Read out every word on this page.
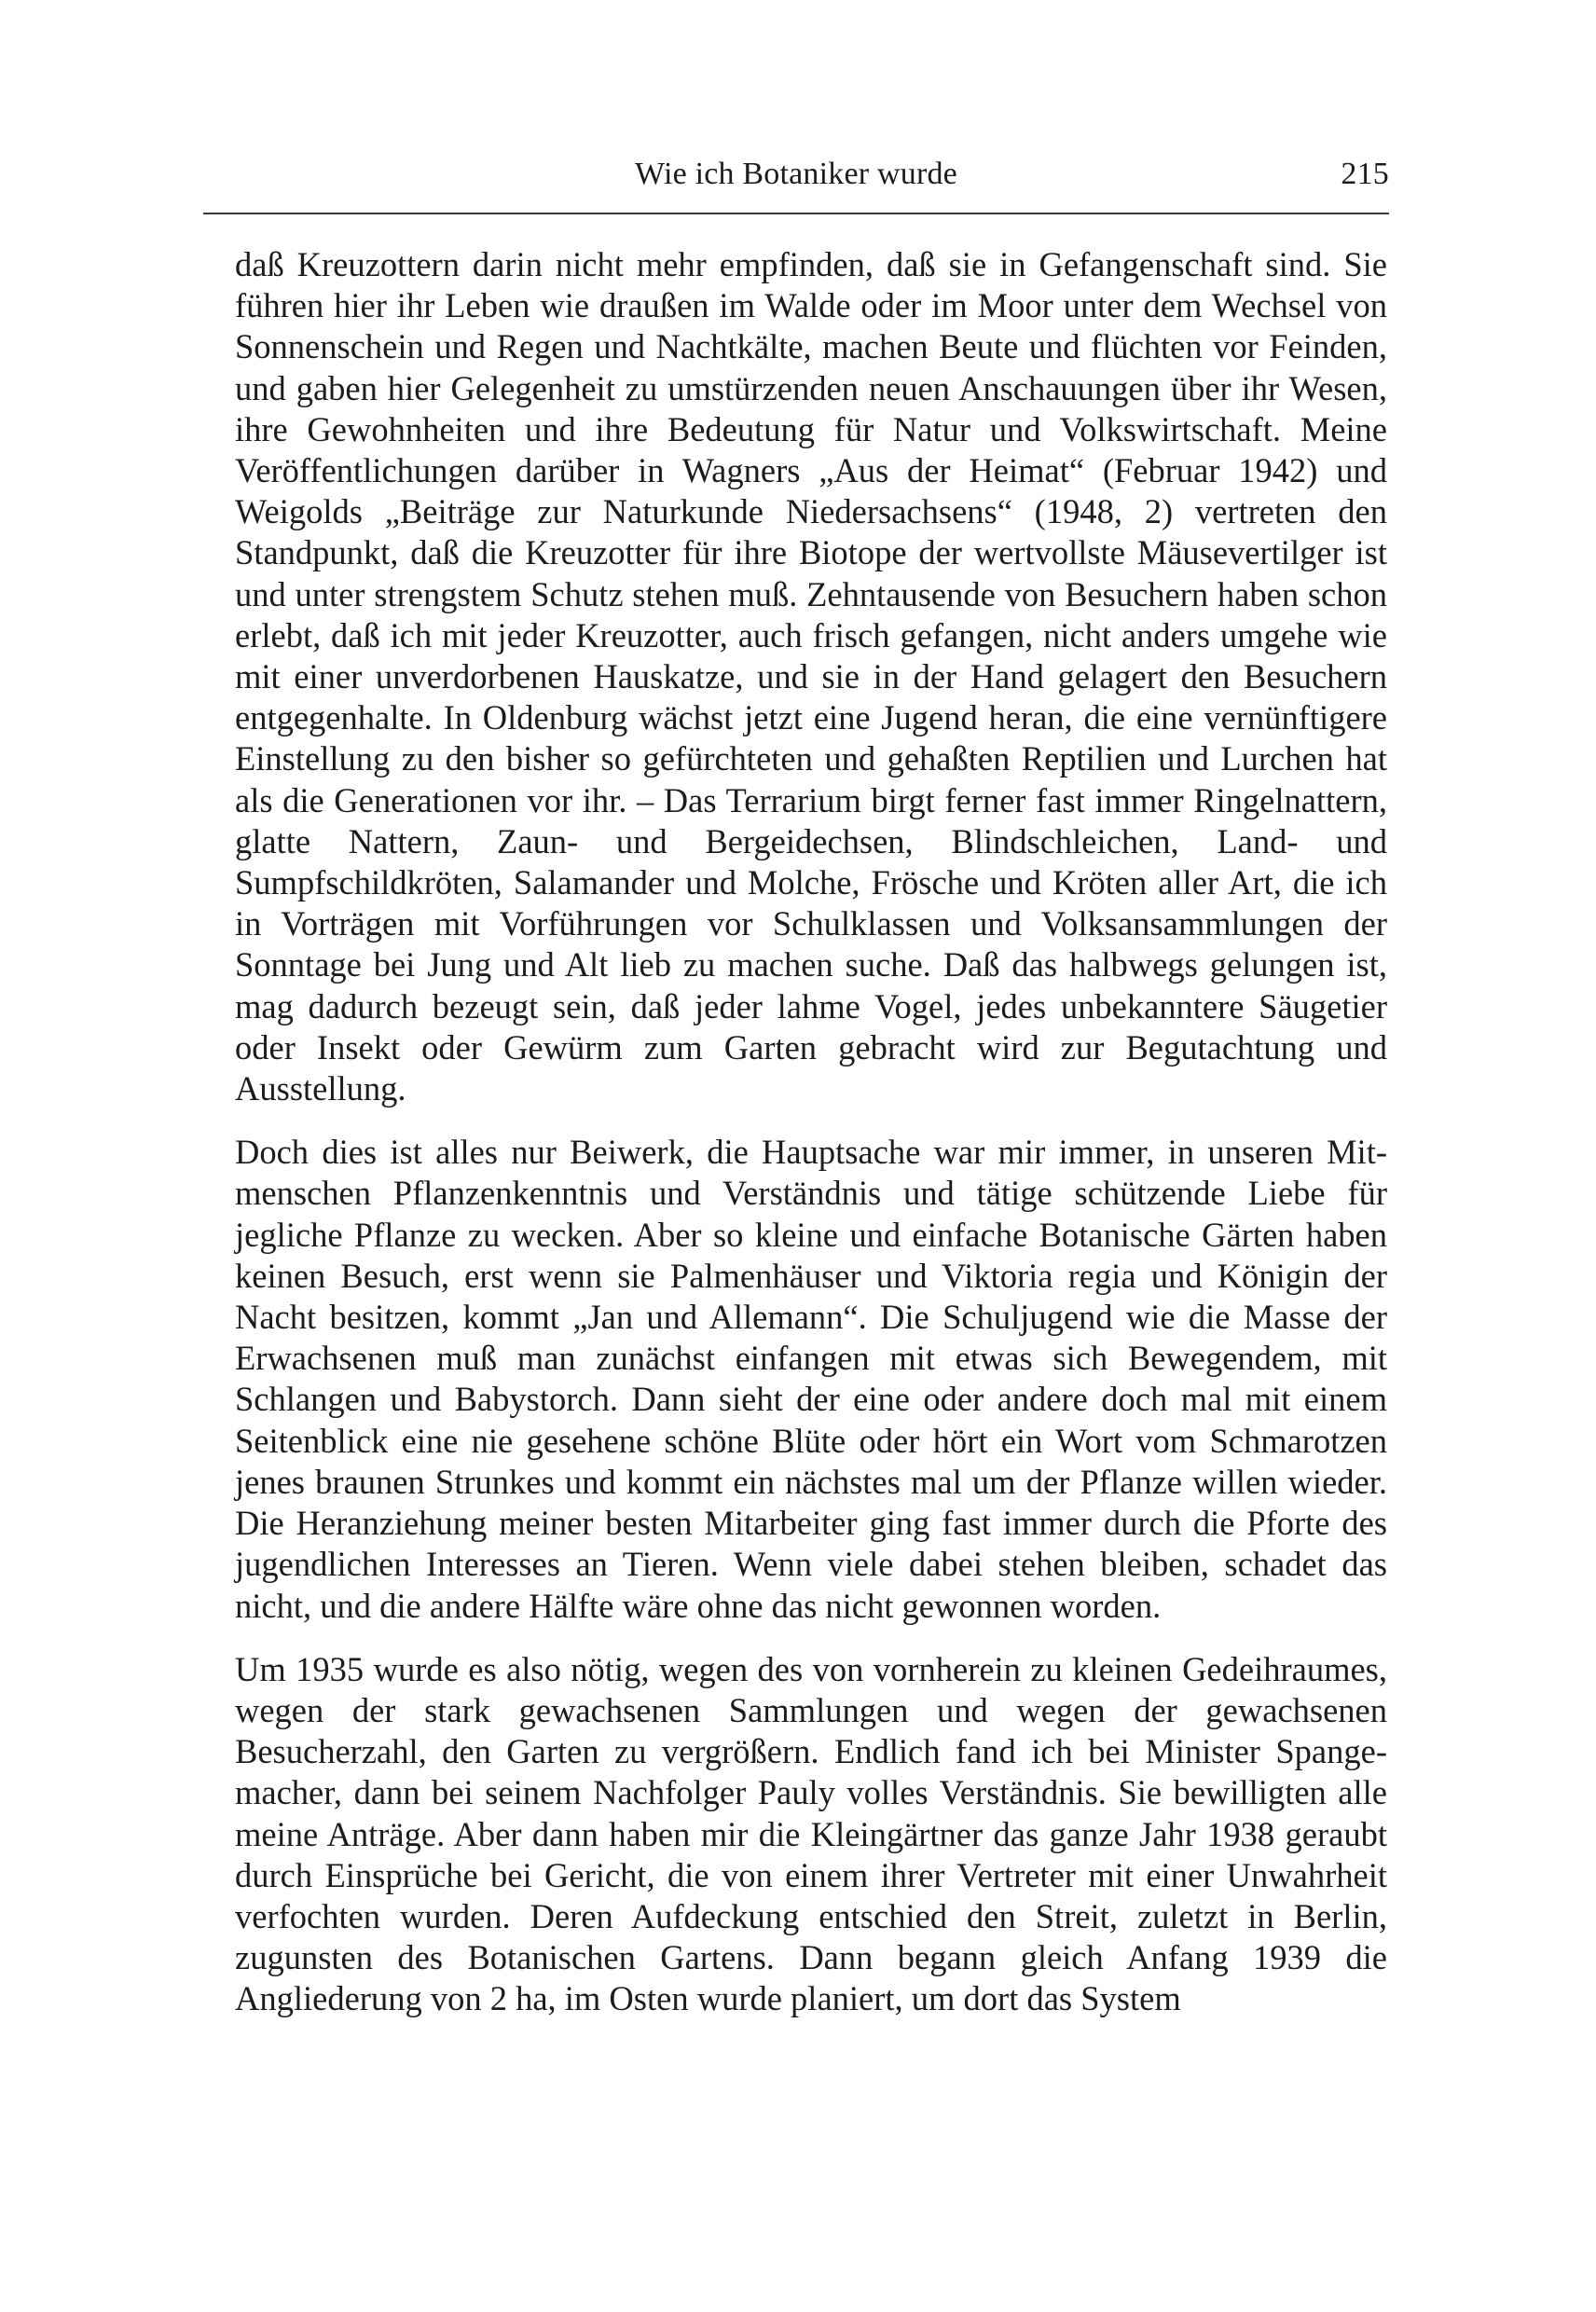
Wie ich Botaniker wurde	215

daß Kreuzottern darin nicht mehr empfinden, daß sie in Gefangenschaft sind. Sie führen hier ihr Leben wie draußen im Walde oder im Moor unter dem Wechsel von Sonnenschein und Regen und Nachtkälte, machen Beute und flüchten vor Feinden, und gaben hier Gelegenheit zu umstürzenden neuen Anschauungen über ihr Wesen, ihre Gewohnheiten und ihre Bedeutung für Natur und Volkswirtschaft. Meine Veröffentlichungen darüber in Wagners „Aus der Heimat“ (Februar 1942) und Weigolds „Beiträge zur Naturkunde Niedersachsens“ (1948, 2) vertreten den Standpunkt, daß die Kreuzotter für ihre Biotope der wertvollste Mäusevertilger ist und unter strengstem Schutz stehen muß. Zehntausende von Besuchern haben schon erlebt, daß ich mit jeder Kreuzotter, auch frisch gefangen, nicht anders umgehe wie mit einer unverdorbenen Hauskatze, und sie in der Hand gelagert den Besuchern entgegenhalte. In Oldenburg wächst jetzt eine Jugend heran, die eine vernünftigere Einstellung zu den bisher so gefürchteten und gehaßten Reptilien und Lurchen hat als die Generationen vor ihr. – Das Terrarium birgt ferner fast immer Ringelnattern, glatte Nattern, Zaun- und Bergeidechsen, Blindschleichen, Land- und Sumpfschildkröten, Salamander und Molche, Frösche und Kröten aller Art, die ich in Vorträgen mit Vorführungen vor Schulklassen und Volksansammlungen der Sonntage bei Jung und Alt lieb zu machen suche. Daß das halbwegs gelungen ist, mag dadurch bezeugt sein, daß jeder lahme Vogel, jedes unbekanntere Säugetier oder Insekt oder Gewürm zum Garten gebracht wird zur Begutachtung und Ausstellung.

Doch dies ist alles nur Beiwerk, die Hauptsache war mir immer, in unseren Mitmenschen Pflanzenkenntnis und Verständnis und tätige schützende Liebe für jegliche Pflanze zu wecken. Aber so kleine und einfache Botanische Gärten haben keinen Besuch, erst wenn sie Palmenhäuser und Viktoria regia und Königin der Nacht besitzen, kommt „Jan und Allemann“. Die Schuljugend wie die Masse der Erwachsenen muß man zunächst einfangen mit etwas sich Bewegendem, mit Schlangen und Babystorch. Dann sieht der eine oder andere doch mal mit einem Seitenblick eine nie gesehene schöne Blüte oder hört ein Wort vom Schmarotzen jenes braunen Strunkes und kommt ein nächstes mal um der Pflanze willen wieder. Die Heranziehung meiner besten Mitarbeiter ging fast immer durch die Pforte des jugendlichen Interesses an Tieren. Wenn viele dabei stehen bleiben, schadet das nicht, und die andere Hälfte wäre ohne das nicht gewonnen worden.

Um 1935 wurde es also nötig, wegen des von vornherein zu kleinen Gedeihraumes, wegen der stark gewachsenen Sammlungen und wegen der gewachsenen Besucherzahl, den Garten zu vergrößern. Endlich fand ich bei Minister Spangemacher, dann bei seinem Nachfolger Pauly volles Verständnis. Sie bewilligten alle meine Anträge. Aber dann haben mir die Kleingärtner das ganze Jahr 1938 geraubt durch Einsprüche bei Gericht, die von einem ihrer Vertreter mit einer Unwahrheit verfochten wurden. Deren Aufdeckung entschied den Streit, zuletzt in Berlin, zugunsten des Botanischen Gartens. Dann begann gleich Anfang 1939 die Angliederung von 2 ha, im Osten wurde planiert, um dort das System
